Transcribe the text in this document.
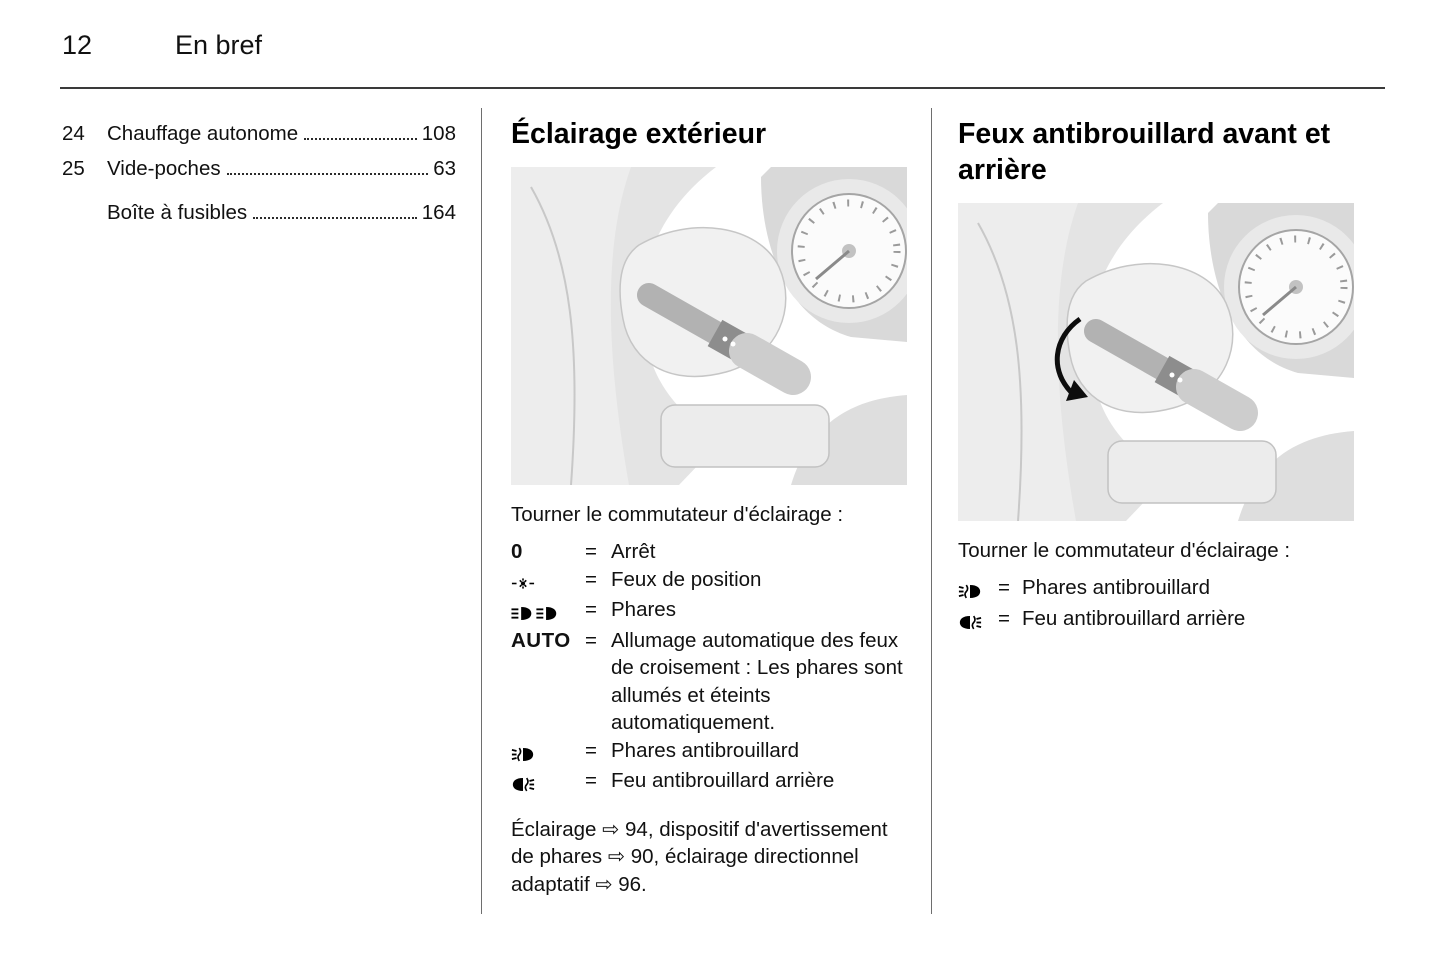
12	En bref
24	Chauffage autonome	108
25	Vide-poches	63
Boîte à fusibles	164
Éclairage extérieur

Tourner le commutateur d'éclairage :

0	= Arrêt
= Feux de position
= Phares
AUTO = Allumage automatique des feux de croisement : Les phares sont allumés et éteints automatiquement.
= Phares antibrouillard
= Feu antibrouillard arrière

Éclairage ⇨ 94, dispositif d'avertissement de phares ⇨ 90, éclairage directionnel adaptatif ⇨ 96.

Feux antibrouillard avant et arrière

Tourner le commutateur d'éclairage :

= Phares antibrouillard
= Feu antibrouillard arrière
